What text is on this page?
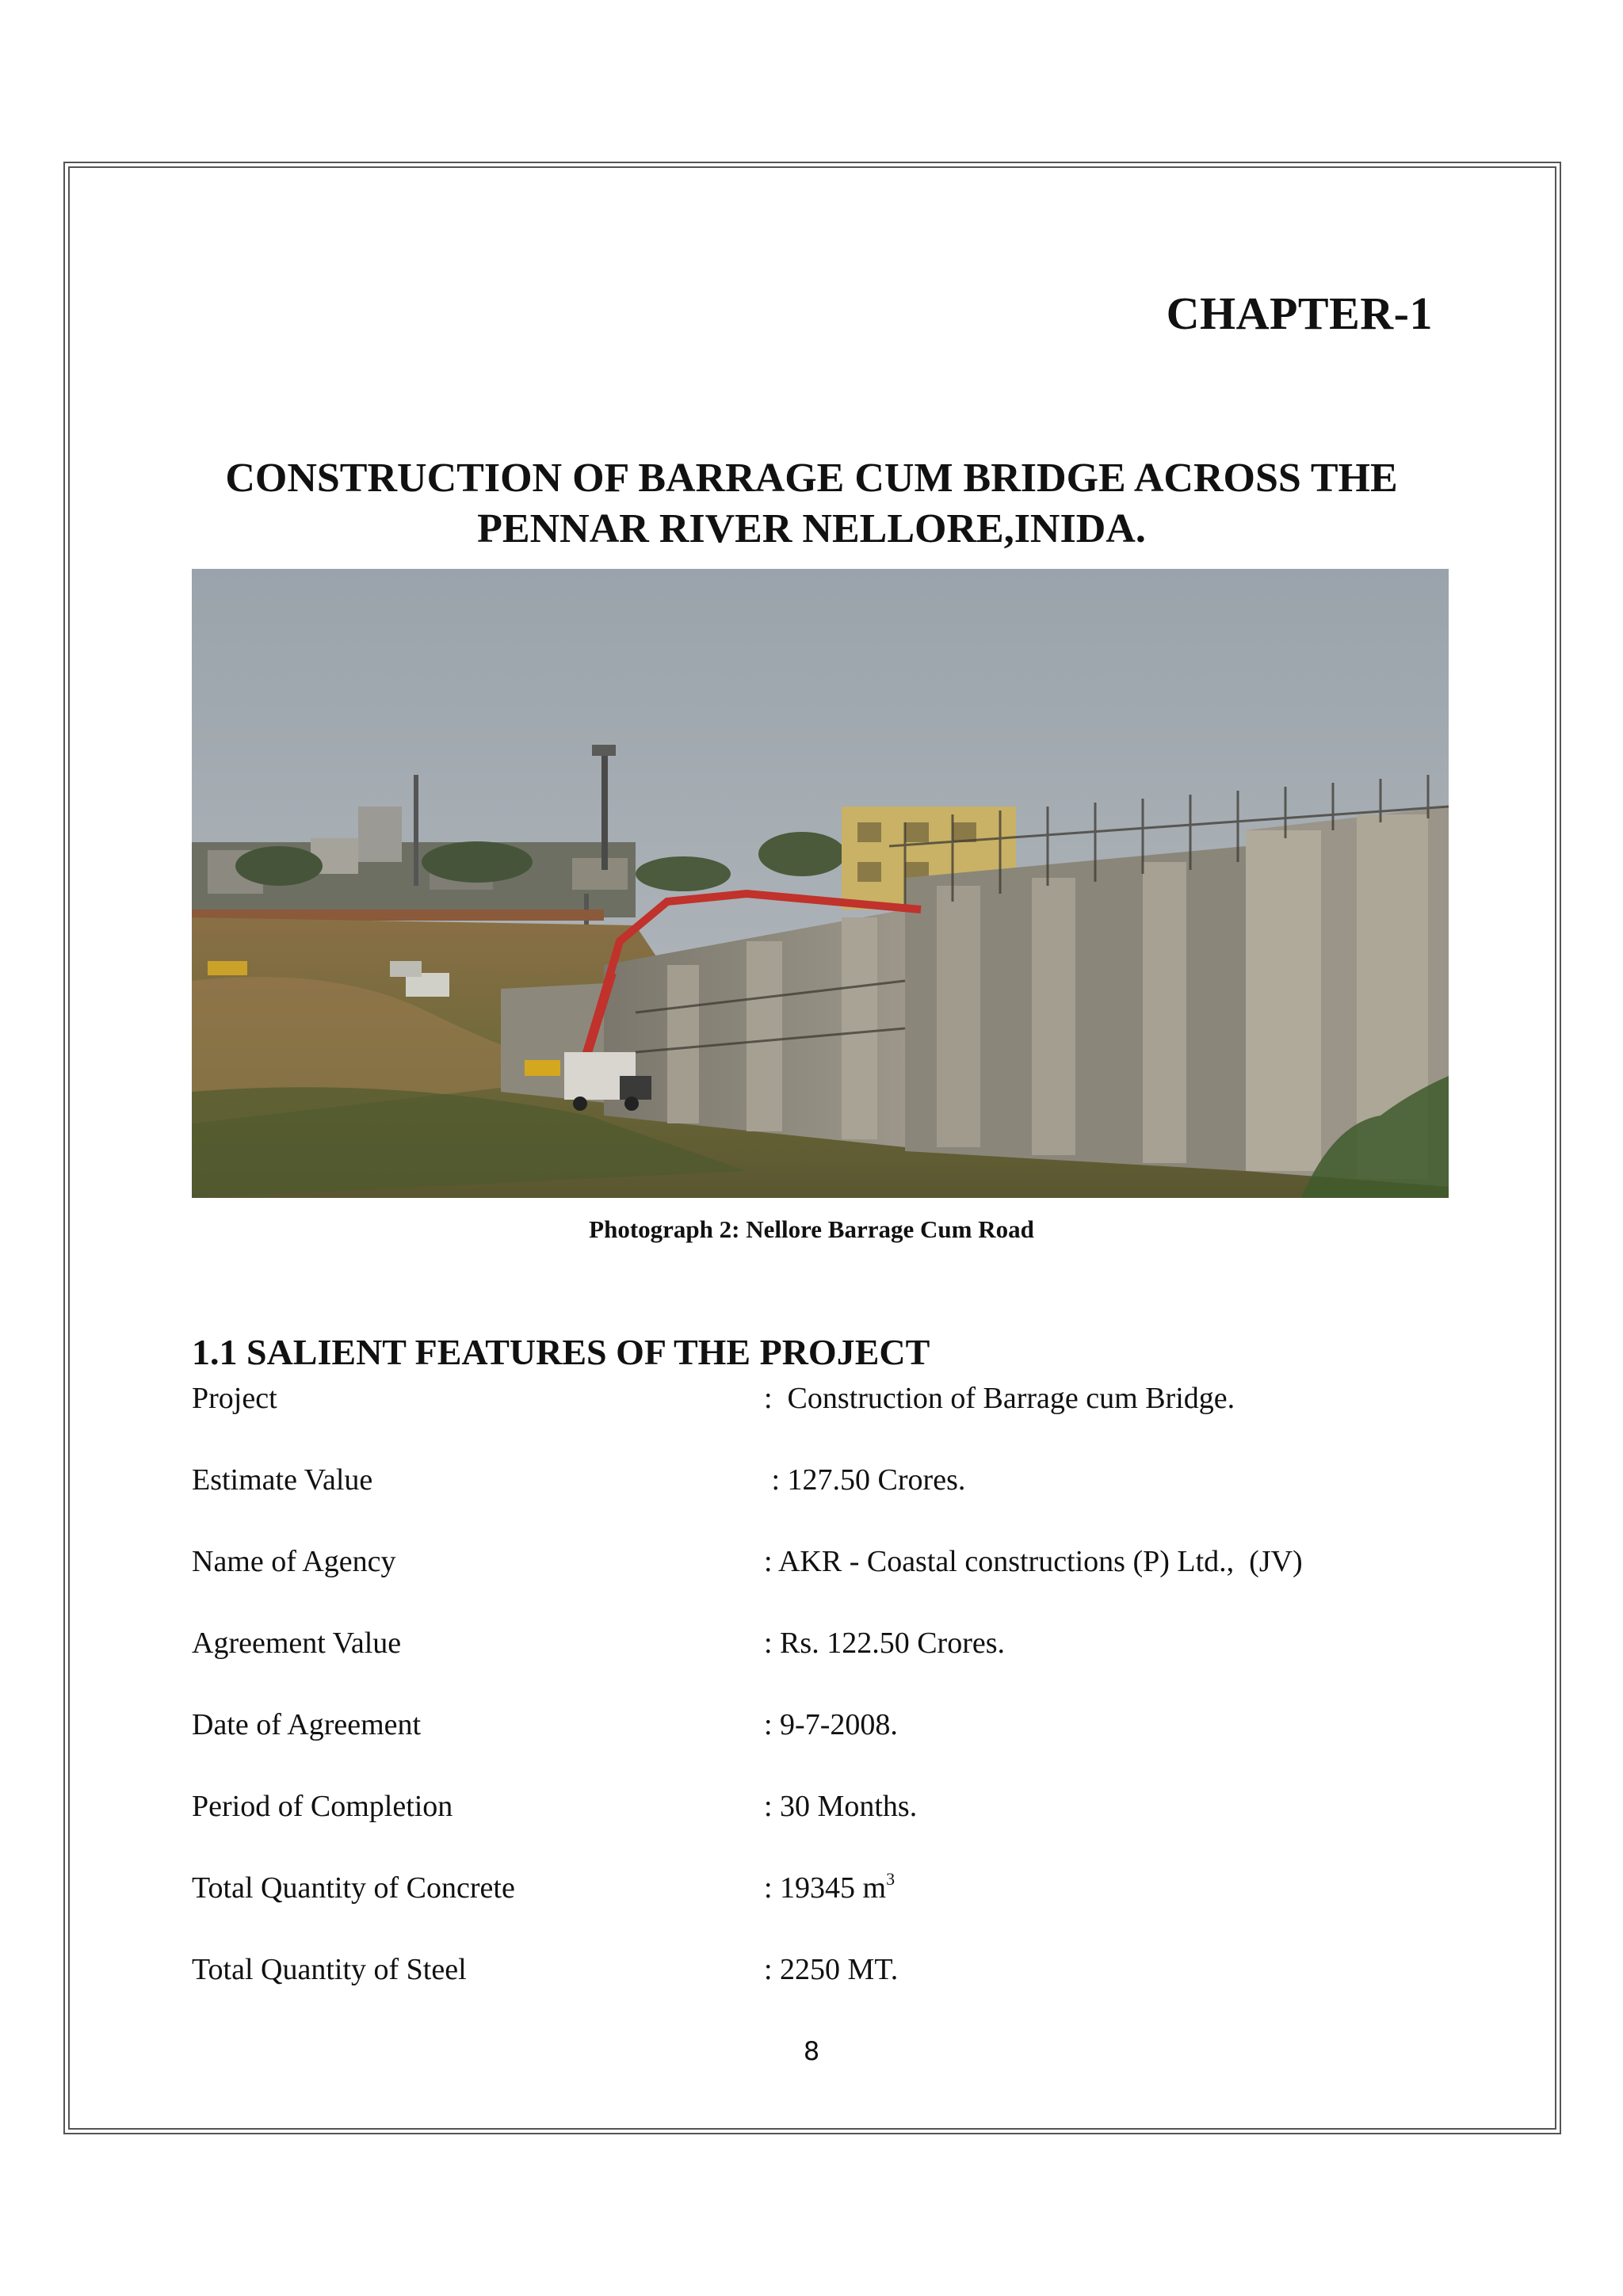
CHAPTER-1
CONSTRUCTION OF BARRAGE CUM BRIDGE ACROSS THE
PENNAR RIVER NELLORE,INIDA.
Photograph 2: Nellore Barrage Cum Road
1.1 SALIENT FEATURES OF THE PROJECT
Project	:  Construction of Barrage cum Bridge.
Estimate Value	: 127.50 Crores.
Name of Agency	: AKR - Coastal constructions (P) Ltd.,  (JV)
Agreement Value	: Rs. 122.50 Crores.
Date of Agreement	: 9-7-2008.
Period of Completion	: 30 Months.
Total Quantity of Concrete	: 19345 $m^3$
Total Quantity of Steel	: 2250 MT.
8
